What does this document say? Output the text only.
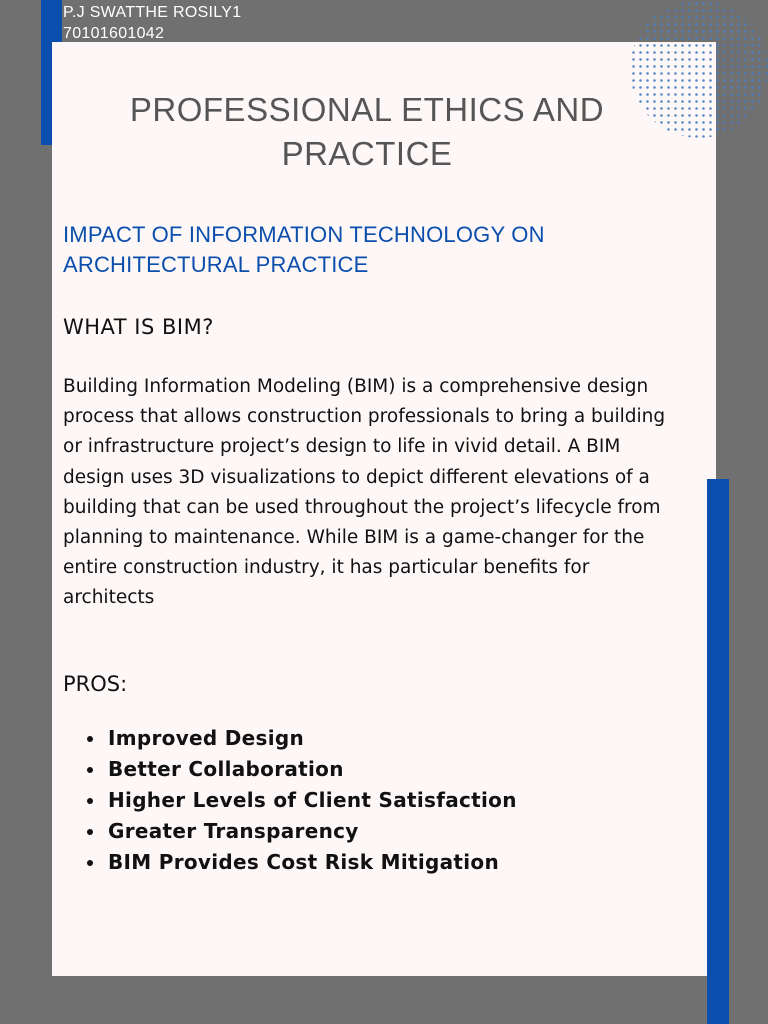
P.J SWATTHE ROSILY1
70101601042
PROFESSIONAL ETHICS AND PRACTICE
IMPACT OF INFORMATION TECHNOLOGY ON ARCHITECTURAL PRACTICE
WHAT IS BIM?

Building Information Modeling (BIM) is a comprehensive design process that allows construction professionals to bring a building or infrastructure project’s design to life in vivid detail. A BIM design uses 3D visualizations to depict different elevations of a building that can be used throughout the project’s lifecycle from planning to maintenance. While BIM is a game-changer for the entire construction industry, it has particular benefits for architects

PROS:
Improved Design
Better Collaboration
Higher Levels of Client Satisfaction
Greater Transparency
BIM Provides Cost Risk Mitigation
